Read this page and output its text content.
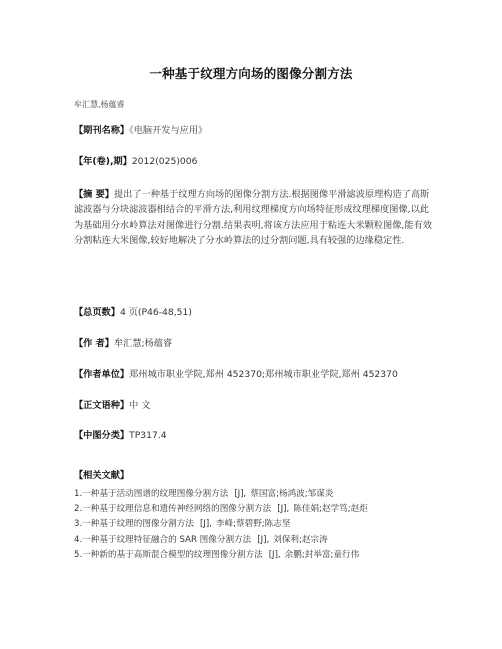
一种基于纹理方向场的图像分割方法
牟汇慧,杨蕴睿
【期刊名称】《电脑开发与应用》
【年(卷),期】2012(025)006
【摘 要】提出了一种基于纹理方向场的图像分割方法.根据图像平滑滤波原理构造了高斯滤波器与分块滤波器相结合的平滑方法,利用纹理梯度方向场特征形成纹理梯度图像,以此为基础用分水岭算法对图像进行分割.结果表明,将该方法应用于粘连大米颗粒图像,能有效分割粘连大米图像,较好地解决了分水岭算法的过分割问题,具有较强的边缘稳定性.
【总页数】4 页(P46-48,51)
【作 者】牟汇慧;杨蕴睿
【作者单位】郑州城市职业学院,郑州 452370;郑州城市职业学院,郑州 452370
【正文语种】中 文
【中图分类】TP317.4
【相关文献】
1.一种基于活动图谱的纹理图像分割方法 [J], 蔡国富;杨鸿波;邹谋炎
2.一种基于纹理信息和遗传神经网络的图像分割方法 [J], 陈佳娟;赵学笃;赵炬
3.一种基于纹理的图像分割方法 [J], 李峰;蔡碧野;陈志坚
4.一种基于纹理特征融合的 SAR 图像分割方法 [J], 刘保利;赵宗涛
5.一种新的基于高斯混合模型的纹理图像分割方法 [J], 余鹏;封举富;童行伟
